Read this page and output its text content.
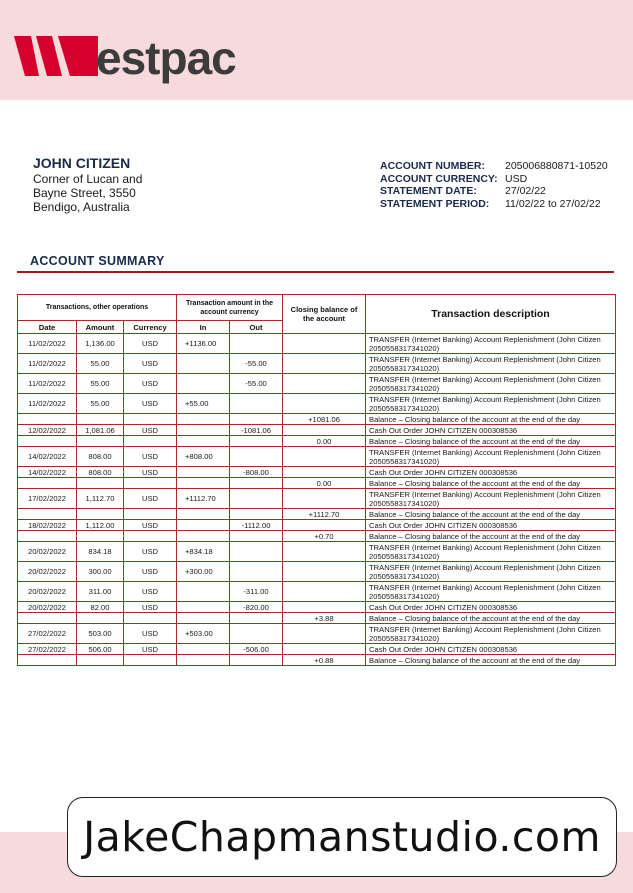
estpac
JOHN CITIZEN
Corner of Lucan and
Bayne Street, 3550
Bendigo, Australia
ACCOUNT NUMBER:	205006880871-10520
ACCOUNT CURRENCY: USD
STATEMENT DATE:	27/02/22
STATEMENT PERIOD:	11/02/22 to 27/02/22
ACCOUNT SUMMARY
Transactions, other operations			Transaction amount in the account currency		Closing balance of the account	Transaction description
Date	Amount	Currency	In	Out		
11/02/2022	1,136.00	USD	+1136.00			TRANSFER (Internet Banking) Account Replenishment (John Citizen 2050558317341020)
11/02/2022	55.00	USD		-55.00		TRANSFER (Internet Banking) Account Replenishment (John Citizen 2050558317341020)
11/02/2022	55.00	USD		-55.00		TRANSFER (Internet Banking) Account Replenishment (John Citizen 2050558317341020)
11/02/2022	55.00	USD	+55.00			TRANSFER (Internet Banking) Account Replenishment (John Citizen 2050558317341020)
					+1081.06	Balance – Closing balance of the account at the end of the day
12/02/2022	1,081.06	USD		-1081.06		Cash Out Order JOHN CITIZEN 000308536
					0.00	Balance – Closing balance of the account at the end of the day
14/02/2022	808.00	USD	+808.00			TRANSFER (Internet Banking) Account Replenishment (John Citizen 2050558317341020)
14/02/2022	808.00	USD		-808.00		Cash Out Order JOHN CITIZEN 000308536
					0.00	Balance – Closing balance of the account at the end of the day
17/02/2022	1,112.70	USD	+1112.70			TRANSFER (Internet Banking) Account Replenishment (John Citizen 2050558317341020)
					+1112.70	Balance – Closing balance of the account at the end of the day
18/02/2022	1,112.00	USD		-1112.00		Cash Out Order JOHN CITIZEN 000308536
					+0.70	Balance – Closing balance of the account at the end of the day
20/02/2022	834.18	USD	+834.18			TRANSFER (Internet Banking) Account Replenishment (John Citizen 2050558317341020)
20/02/2022	300.00	USD	+300.00			TRANSFER (Internet Banking) Account Replenishment (John Citizen 2050558317341020)
20/02/2022	311.00	USD		-311.00		TRANSFER (Internet Banking) Account Replenishment (John Citizen 2050558317341020)
20/02/2022	82.00	USD		-820.00		Cash Out Order JOHN CITIZEN 000308536
					+3.88	Balance – Closing balance of the account at the end of the day
27/02/2022	503.00	USD	+503.00			TRANSFER (Internet Banking) Account Replenishment (John Citizen 2050558317341020)
27/02/2022	506.00	USD		-506.00		Cash Out Order JOHN CITIZEN 000308536
					+0.88	Balance – Closing balance of the account at the end of the day
JakeChapmanstudio.com
